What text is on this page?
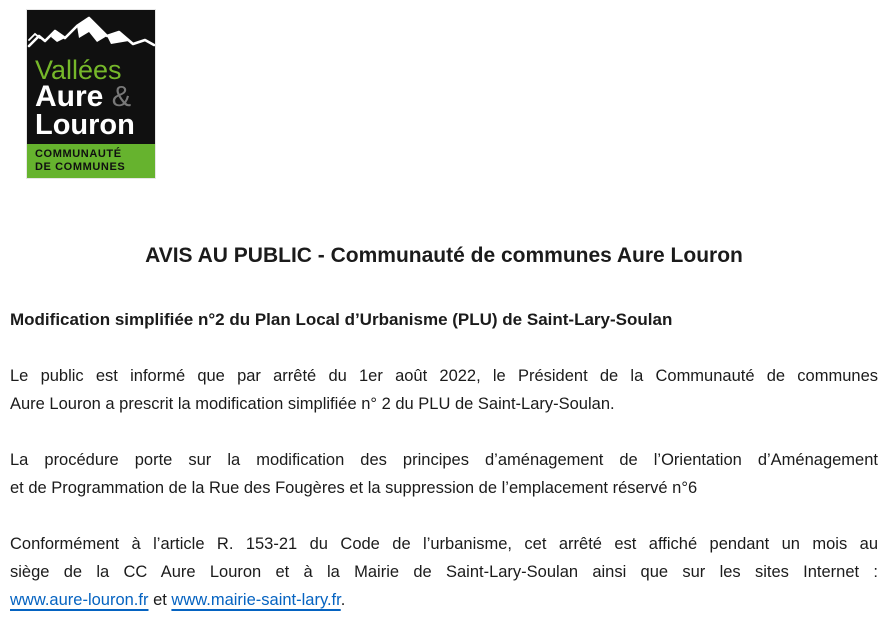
Vallées
Aure &
Louron
COMMUNAUTÉ
DE COMMUNES
AVIS AU PUBLIC - Communauté de communes Aure Louron
Modification simplifiée n°2 du Plan Local d’Urbanisme (PLU) de Saint-Lary-Soulan

Le public est informé que par arrêté du 1er août 2022, le Président de la Communauté de communes
Aure Louron a prescrit la modification simplifiée n° 2 du PLU de Saint-Lary-Soulan.

La procédure porte sur la modification des principes d’aménagement de l’Orientation d’Aménagement
et de Programmation de la Rue des Fougères et la suppression de l’emplacement réservé n°6

Conformément à l’article R. 153-21 du Code de l’urbanisme, cet arrêté est affiché pendant un mois au
siège de la CC Aure Louron et à la Mairie de Saint-Lary-Soulan ainsi que sur les sites Internet :
www.aure-louron.fr et www.mairie-saint-lary.fr.
